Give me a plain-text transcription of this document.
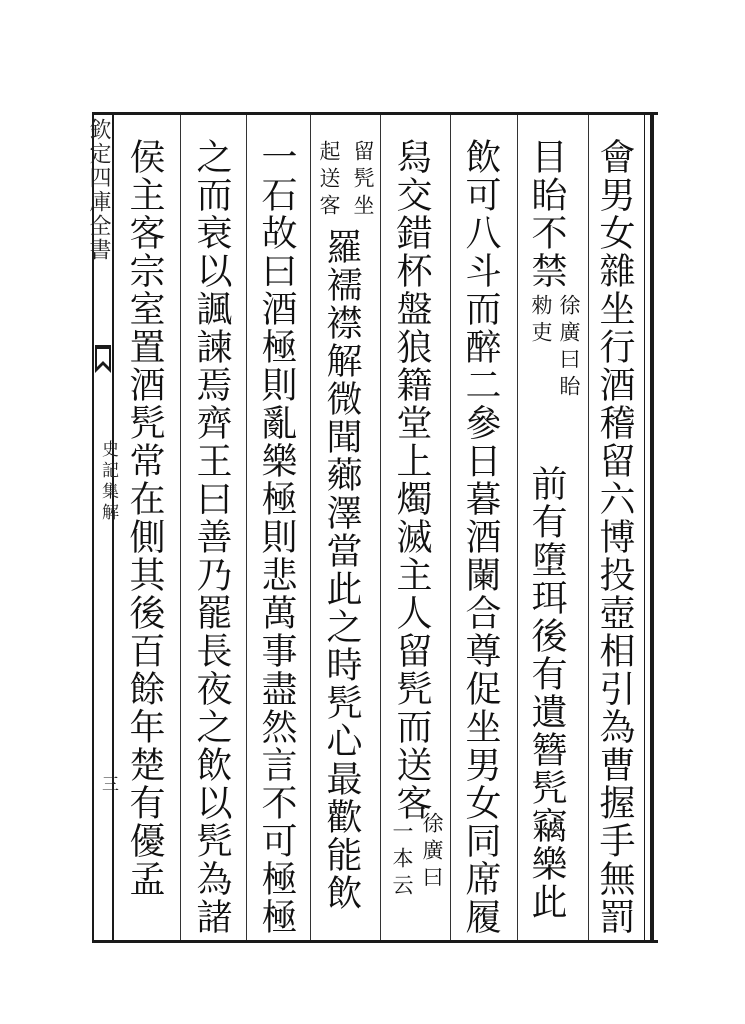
欽定四庫全書
史記集解
三	會男女雜坐行酒稽留六博投壺相引為曹握手無罰
目眙不禁
徐廣曰眙
勑吏
前有墮珥後有遺簪髠竊樂此
飲可八斗而醉二參日暮酒闌合尊促坐男女同席履
舄交錯杯盤狼籍堂上燭滅主人留髠而送客
徐廣曰
一本云
留髠坐
起送客
羅襦襟解微聞薌澤當此之時髠心最歡能飲
一石故曰酒極則亂樂極則悲萬事盡然言不可極極
之而衰以諷諫焉齊王曰善乃罷長夜之飲以髠為諸
侯主客宗室置酒髠常在側其後百餘年楚有優孟
